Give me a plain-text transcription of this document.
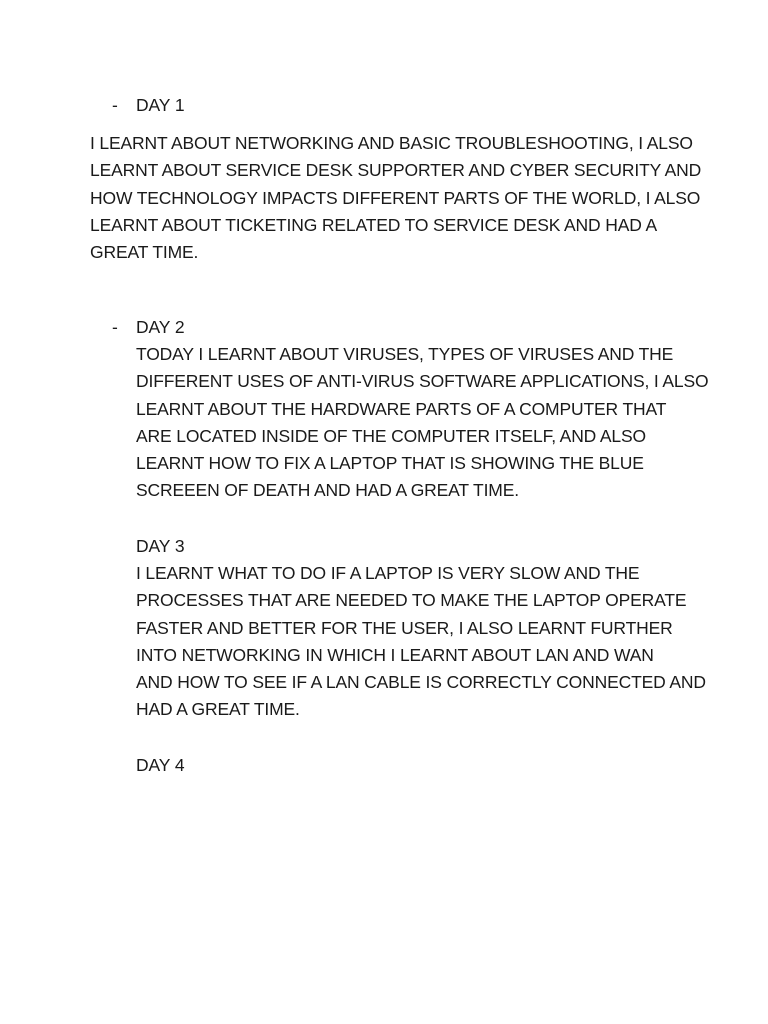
- DAY 1
I LEARNT ABOUT NETWORKING AND BASIC TROUBLESHOOTING, I ALSO
LEARNT ABOUT SERVICE DESK SUPPORTER AND CYBER SECURITY AND
HOW TECHNOLOGY IMPACTS DIFFERENT PARTS OF THE WORLD, I ALSO
LEARNT ABOUT TICKETING RELATED TO SERVICE DESK AND HAD A
GREAT TIME.
- DAY 2
TODAY I LEARNT ABOUT VIRUSES, TYPES OF VIRUSES AND THE
DIFFERENT USES OF ANTI-VIRUS SOFTWARE APPLICATIONS, I ALSO
LEARNT ABOUT THE HARDWARE PARTS OF A COMPUTER THAT
ARE LOCATED INSIDE OF THE COMPUTER ITSELF, AND ALSO
LEARNT HOW TO FIX A LAPTOP THAT IS SHOWING THE BLUE
SCREEEN OF DEATH AND HAD A GREAT TIME.
DAY 3
I LEARNT WHAT TO DO IF A LAPTOP IS VERY SLOW AND THE
PROCESSES THAT ARE NEEDED TO MAKE THE LAPTOP OPERATE
FASTER AND BETTER FOR THE USER, I ALSO LEARNT FURTHER
INTO NETWORKING IN WHICH I LEARNT ABOUT LAN AND WAN
AND HOW TO SEE IF A LAN CABLE IS CORRECTLY CONNECTED AND
HAD A GREAT TIME.
DAY 4
